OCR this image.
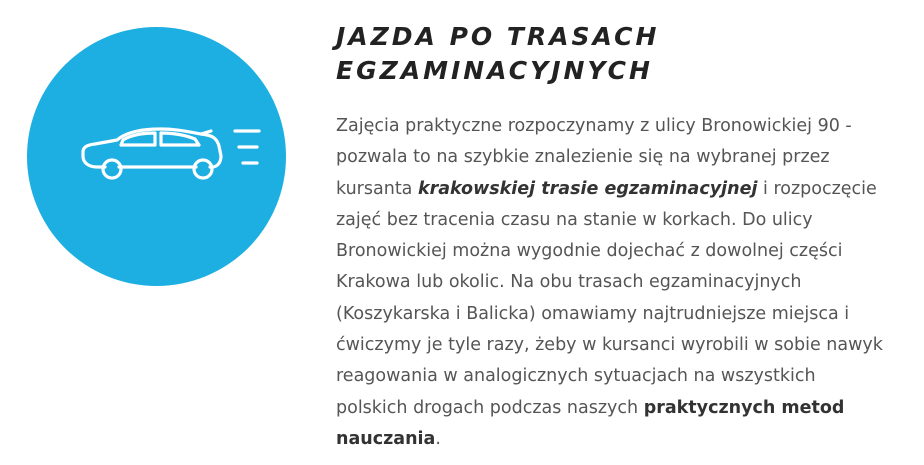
JAZDA PO TRASACH
EGZAMINACYJNYCH

Zajęcia praktyczne rozpoczynamy z ulicy Bronowickiej 90 -
pozwala to na szybkie znalezienie się na wybranej przez
kursanta krakowskiej trasie egzaminacyjnej i rozpoczęcie
zajęć bez tracenia czasu na stanie w korkach. Do ulicy
Bronowickiej można wygodnie dojechać z dowolnej części
Krakowa lub okolic. Na obu trasach egzaminacyjnych
(Koszykarska i Balicka) omawiamy najtrudniejsze miejsca i
ćwiczymy je tyle razy, żeby w kursanci wyrobili w sobie nawyk
reagowania w analogicznych sytuacjach na wszystkich
polskich drogach podczas naszych praktycznych metod
nauczania.
